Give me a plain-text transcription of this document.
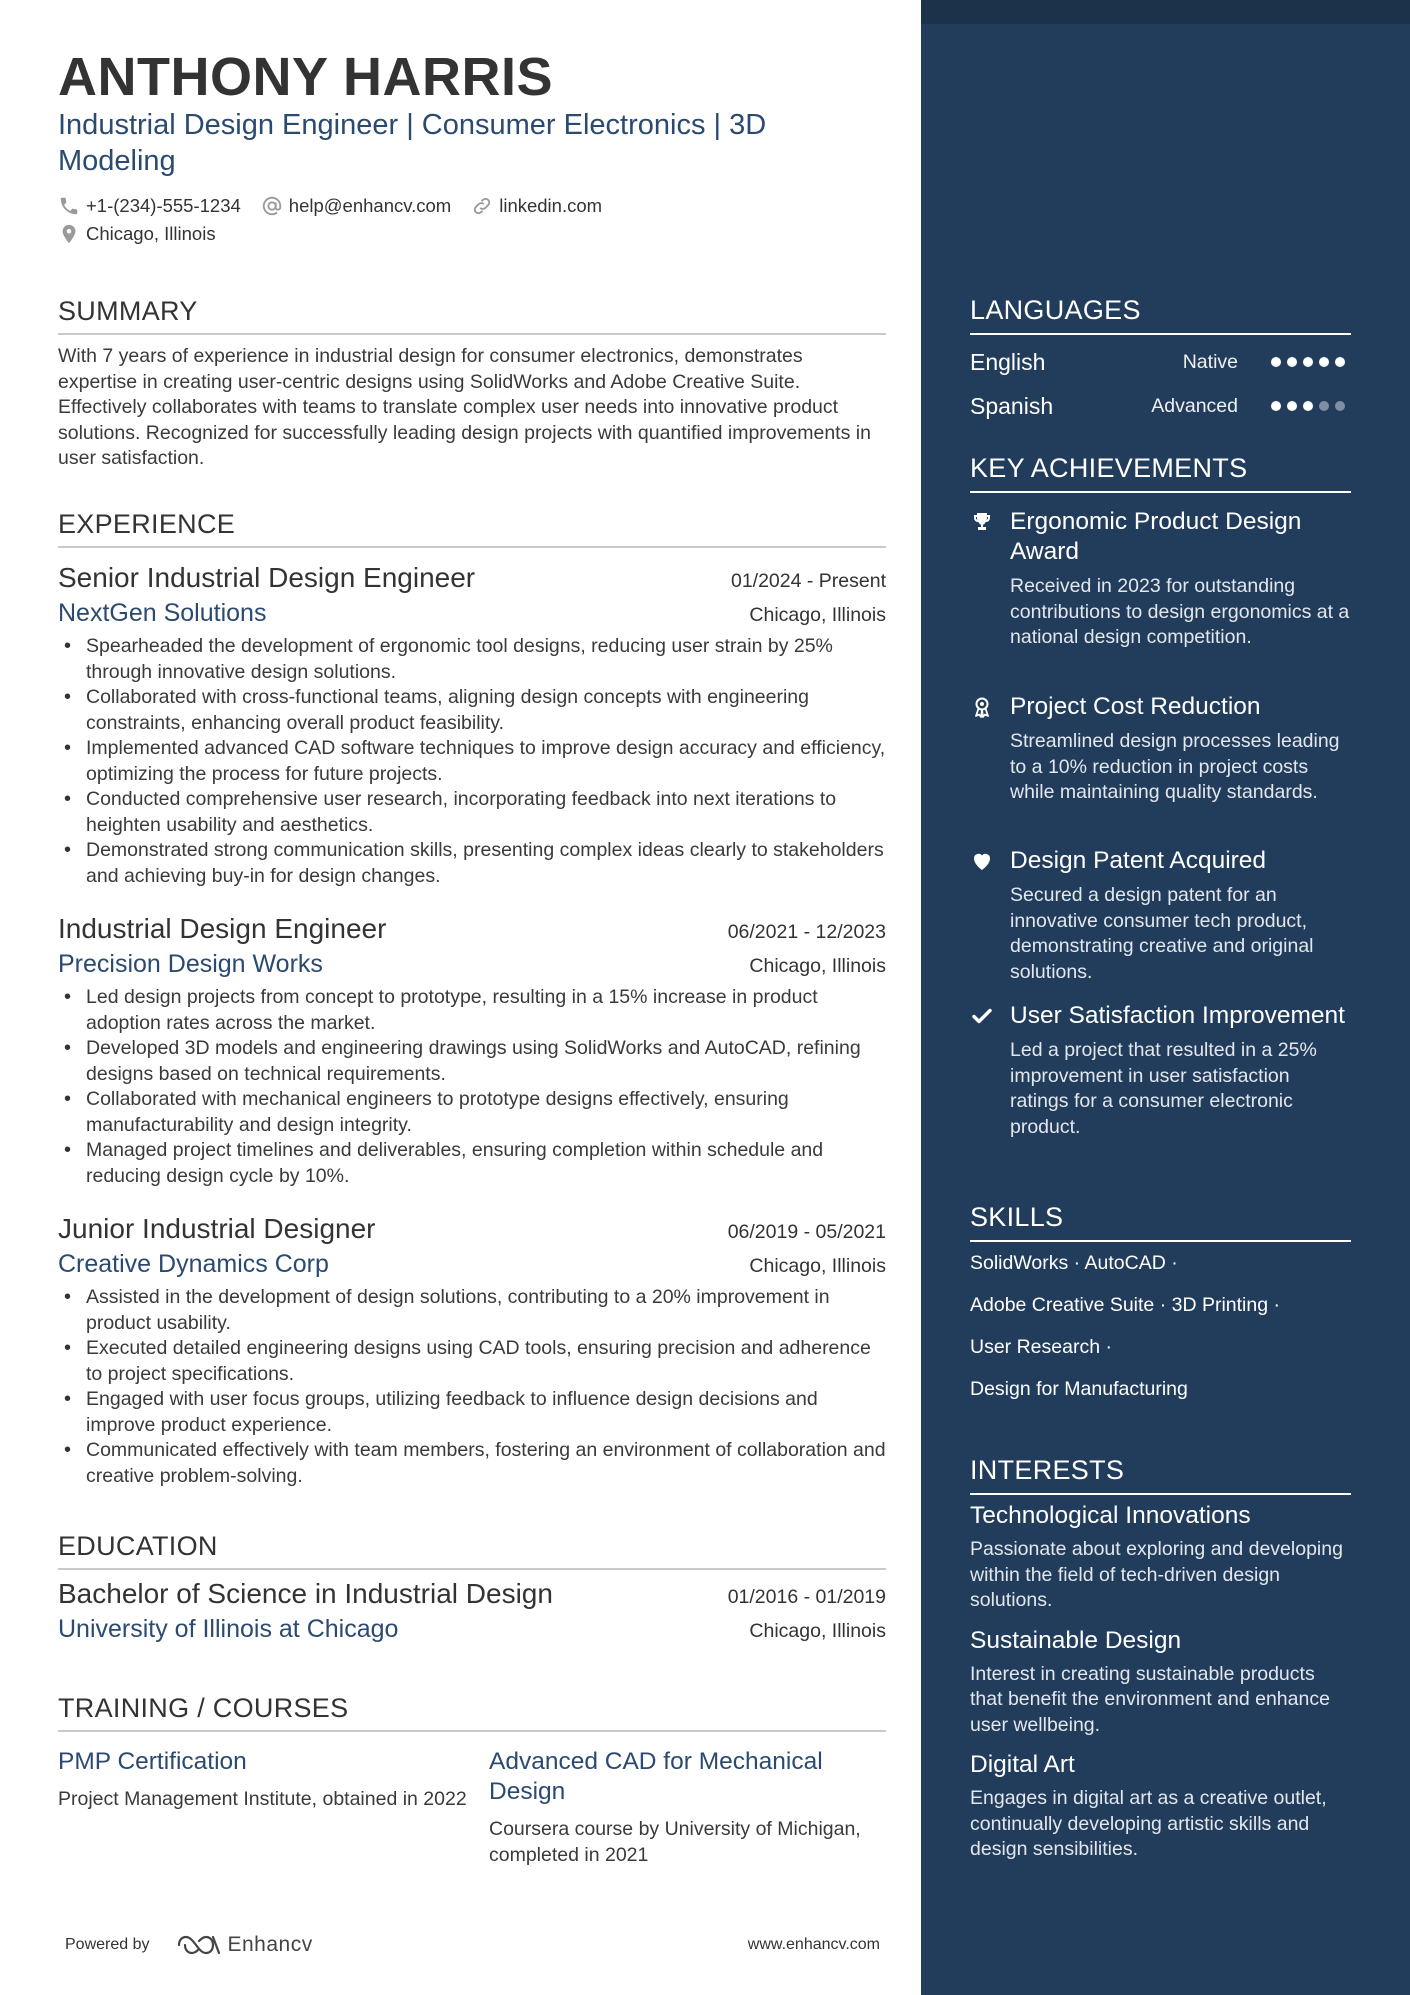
ANTHONY HARRIS
Industrial Design Engineer | Consumer Electronics | 3D Modeling
+1-(234)-555-1234	help@enhancv.com	linkedin.com
Chicago, Illinois
SUMMARY
With 7 years of experience in industrial design for consumer electronics, demonstrates expertise in creating user-centric designs using SolidWorks and Adobe Creative Suite. Effectively collaborates with teams to translate complex user needs into innovative product solutions. Recognized for successfully leading design projects with quantified improvements in user satisfaction.
EXPERIENCE
Senior Industrial Design Engineer	01/2024 - Present
NextGen Solutions	Chicago, Illinois
• Spearheaded the development of ergonomic tool designs, reducing user strain by 25% through innovative design solutions.
• Collaborated with cross-functional teams, aligning design concepts with engineering constraints, enhancing overall product feasibility.
• Implemented advanced CAD software techniques to improve design accuracy and efficiency, optimizing the process for future projects.
• Conducted comprehensive user research, incorporating feedback into next iterations to heighten usability and aesthetics.
• Demonstrated strong communication skills, presenting complex ideas clearly to stakeholders and achieving buy-in for design changes.
Industrial Design Engineer	06/2021 - 12/2023
Precision Design Works	Chicago, Illinois
• Led design projects from concept to prototype, resulting in a 15% increase in product adoption rates across the market.
• Developed 3D models and engineering drawings using SolidWorks and AutoCAD, refining designs based on technical requirements.
• Collaborated with mechanical engineers to prototype designs effectively, ensuring manufacturability and design integrity.
• Managed project timelines and deliverables, ensuring completion within schedule and reducing design cycle by 10%.
Junior Industrial Designer	06/2019 - 05/2021
Creative Dynamics Corp	Chicago, Illinois
• Assisted in the development of design solutions, contributing to a 20% improvement in product usability.
• Executed detailed engineering designs using CAD tools, ensuring precision and adherence to project specifications.
• Engaged with user focus groups, utilizing feedback to influence design decisions and improve product experience.
• Communicated effectively with team members, fostering an environment of collaboration and creative problem-solving.
EDUCATION
Bachelor of Science in Industrial Design	01/2016 - 01/2019
University of Illinois at Chicago	Chicago, Illinois
TRAINING / COURSES
PMP Certification
Project Management Institute, obtained in 2022
Advanced CAD for Mechanical Design
Coursera course by University of Michigan, completed in 2021
Powered by	Enhancv	www.enhancv.com
LANGUAGES
English	Native
Spanish	Advanced
KEY ACHIEVEMENTS
Ergonomic Product Design Award
Received in 2023 for outstanding contributions to design ergonomics at a national design competition.
Project Cost Reduction
Streamlined design processes leading to a 10% reduction in project costs while maintaining quality standards.
Design Patent Acquired
Secured a design patent for an innovative consumer tech product, demonstrating creative and original solutions.
User Satisfaction Improvement
Led a project that resulted in a 25% improvement in user satisfaction ratings for a consumer electronic product.
SKILLS
SolidWorks · AutoCAD ·
Adobe Creative Suite · 3D Printing ·
User Research ·
Design for Manufacturing
INTERESTS
Technological Innovations
Passionate about exploring and developing within the field of tech-driven design solutions.
Sustainable Design
Interest in creating sustainable products that benefit the environment and enhance user wellbeing.
Digital Art
Engages in digital art as a creative outlet, continually developing artistic skills and design sensibilities.
